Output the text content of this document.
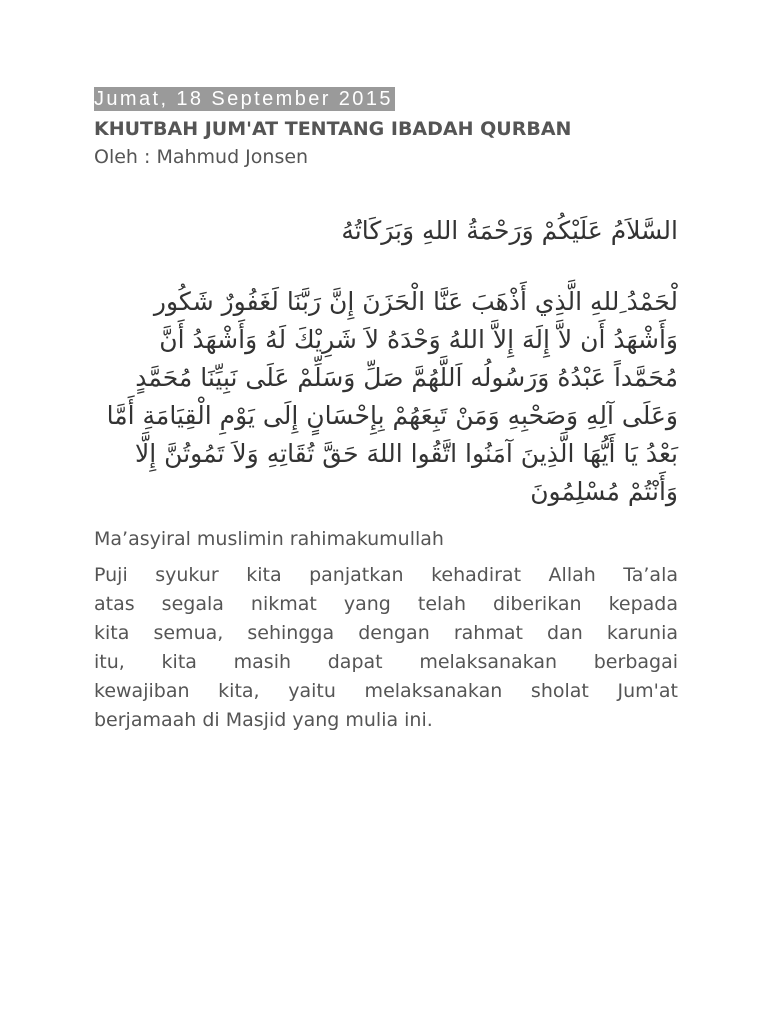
Jumat, 18 September 2015
KHUTBAH JUM'AT TENTANG IBADAH QURBAN
Oleh : Mahmud Jonsen
السَّلاَمُ عَلَيْكُمْ وَرَحْمَةُ اللهِ وَبَرَكَاتُهُ
لْحَمْدُ ِللهِ الَّذِي أَذْهَبَ عَنَّا الْحَزَنَ إِنَّ رَبَّنَا لَغَفُورٌ شَكُور وَأَشْهَدُ أَن لاَّ إِلَهَ إِلاَّ اللهُ وَحْدَهُ لاَ شَرِيْكَ لَهُ وَأَشْهَدُ أَنَّ مُحَمَّداً عَبْدُهُ وَرَسُولُه اَللَّهُمَّ صَلِّ وَسَلِّمْ عَلَى نَبِيِّنَا مُحَمَّدٍ وَعَلَى آلِهِ وَصَحْبِهِ وَمَنْ تَبِعَهُمْ بِإِحْسَانٍ إِلَى يَوْمِ الْقِيَامَةِ أَمَّا بَعْدُ يَا أَيُّهَا الَّذِينَ آمَنُوا اتَّقُوا اللهَ حَقَّ تُقَاتِهِ وَلاَ تَمُوتُنَّ إِلَّا وَأَنْتُمْ مُسْلِمُونَ
Ma’asyiral muslimin rahimakumullah
Puji syukur kita panjatkan kehadirat Allah Ta’ala
atas segala nikmat yang telah diberikan kepada
kita semua, sehingga dengan rahmat dan karunia
itu, kita masih dapat melaksanakan berbagai
kewajiban kita, yaitu melaksanakan sholat Jum'at
berjamaah di Masjid yang mulia ini.
